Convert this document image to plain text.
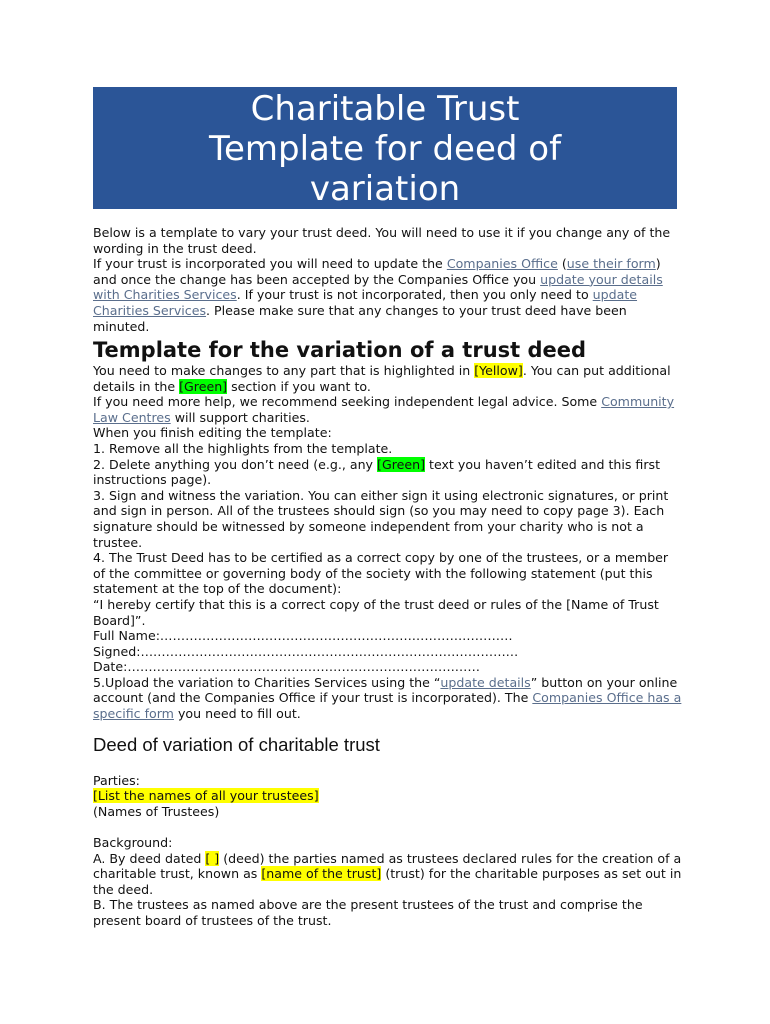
Charitable Trust
Template for deed of
variation

Below is a template to vary your trust deed. You will need to use it if you change any of the wording in the trust deed.

If your trust is incorporated you will need to update the Companies Office (use their form) and once the change has been accepted by the Companies Office you update your details with Charities Services. If your trust is not incorporated, then you only need to update Charities Services. Please make sure that any changes to your trust deed have been minuted.

Template for the variation of a trust deed

You need to make changes to any part that is highlighted in [Yellow]. You can put additional details in the [Green] section if you want to.

If you need more help, we recommend seeking independent legal advice. Some Community Law Centres will support charities.

When you finish editing the template:

1. Remove all the highlights from the template.

2. Delete anything you don’t need (e.g., any [Green] text you haven’t edited and this first instructions page).

3. Sign and witness the variation. You can either sign it using electronic signatures, or print and sign in person. All of the trustees should sign (so you may need to copy page 3). Each signature should be witnessed by someone independent from your charity who is not a trustee.

4. The Trust Deed has to be certified as a correct copy by one of the trustees, or a member of the committee or governing body of the society with the following statement (put this statement at the top of the document):

“I hereby certify that this is a correct copy of the trust deed or rules of the [Name of Trust Board]”.

Full Name:…………………………………………………………………………

Signed:………………………………………………………………………………

Date:…………………………………………………………………………

5.Upload the variation to Charities Services using the “update details” button on your online account (and the Companies Office if your trust is incorporated). The Companies Office has a specific form you need to fill out.

Deed of variation of charitable trust

Parties:

[List the names of all your trustees]

(Names of Trustees)

Background:

A. By deed dated [ ] (deed) the parties named as trustees declared rules for the creation of a charitable trust, known as [name of the trust] (trust) for the charitable purposes as set out in the deed.

B. The trustees as named above are the present trustees of the trust and comprise the present board of trustees of the trust.
